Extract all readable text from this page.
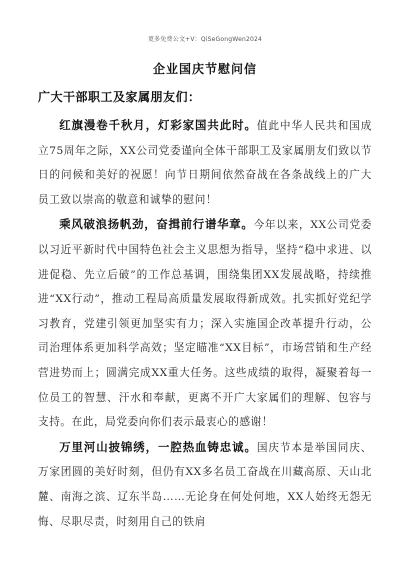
更多免费公文+V：QiSeGongWen2024
企业国庆节慰问信
广大干部职工及家属朋友们：

红旗漫卷千秋月，灯彩家国共此时。值此中华人民共和国成立75周年之际，XX公司党委谨向全体干部职工及家属朋友们致以节日的问候和美好的祝愿！向节日期间依然奋战在各条战线上的广大员工致以崇高的敬意和诚挚的慰问！

乘风破浪扬帆劲，奋揖前行谱华章。今年以来，XX公司党委以习近平新时代中国特色社会主义思想为指导，坚持“稳中求进、以进促稳、先立后破”的工作总基调，围绕集团XX发展战略，持续推进“XX行动”，推动工程局高质量发展取得新成效。扎实抓好党纪学习教育，党建引领更加坚实有力；深入实施国企改革提升行动，公司治理体系更加科学高效；坚定瞄准“XX目标”，市场营销和生产经营进势而上；圆满完成XX重大任务。这些成绩的取得，凝聚着每一位员工的智慧、汗水和奉献，更离不开广大家属们的理解、包容与支持。在此，局党委向你们表示最衷心的感谢！

万里河山披锦绣，一腔热血铸忠诚。国庆节本是举国同庆、万家团圆的美好时刻，但仍有XX多名员工奋战在川藏高原、天山北麓、南海之滨、辽东半岛……无论身在何处何地，XX人始终无怨无悔、尽职尽责，时刻用自己的铁肩
